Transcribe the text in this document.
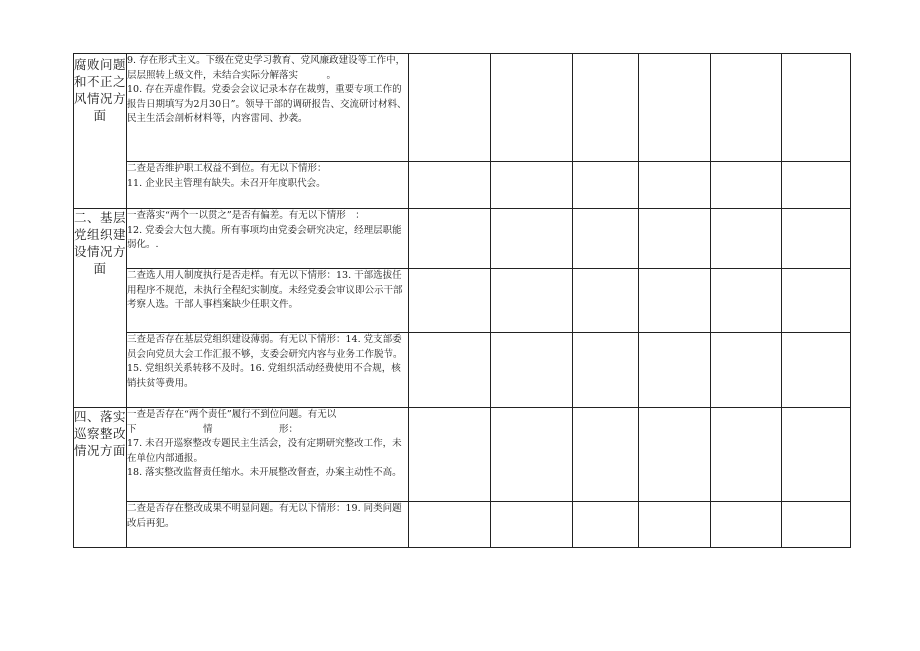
腐败问题和不正之风情况方面	9. 存在形式主义。下级在党史学习教育、党风廉政建设等工作中，层层照转上级文件，未结合实际分解落实　　　。

10. 存在弄虚作假。党委会会议记录本存在裁剪，重要专项工作的报告日期填写为2月30日”。领导干部的调研报告、交流研讨材料、民主生活会剖析材料等，内容雷同、抄袭。						

	二查是否维护职工权益不到位。有无以下情形：

11. 企业民主管理有缺失。未召开年度职代会。						

二、基层党组织建设情况方面	一查落实“两个一以贯之”是否有偏差。有无以下情形　：

12. 党委会大包大揽。所有事项均由党委会研究决定，经理层职能弱化。.						

	二查选人用人制度执行是否走样。有无以下情形：13. 干部选拔任用程序不规范，未执行全程纪实制度。未经党委会审议即公示干部考察人选。干部人事档案缺少任职文件。						

	三查是否存在基层党组织建设薄弱。有无以下情形：14. 党支部委员会向党员大会工作汇报不够，支委会研究内容与业务工作脱节。15. 党组织关系转移不及时。16. 党组织活动经费使用不合规，核销扶贫等费用。						

四、落实巡察整改情况方面	一查是否存在“两个责任”履行不到位问题。有无以

下　　　　　　　情　　　　　　　形：

17. 未召开巡察整改专题民主生活会，没有定期研究整改工作，未在单位内部通报。

18. 落实整改监督责任缩水。未开展整改督查，办案主动性不高。						

	二查是否存在整改成果不明显问题。有无以下情形：19. 同类问题改后再犯。						
